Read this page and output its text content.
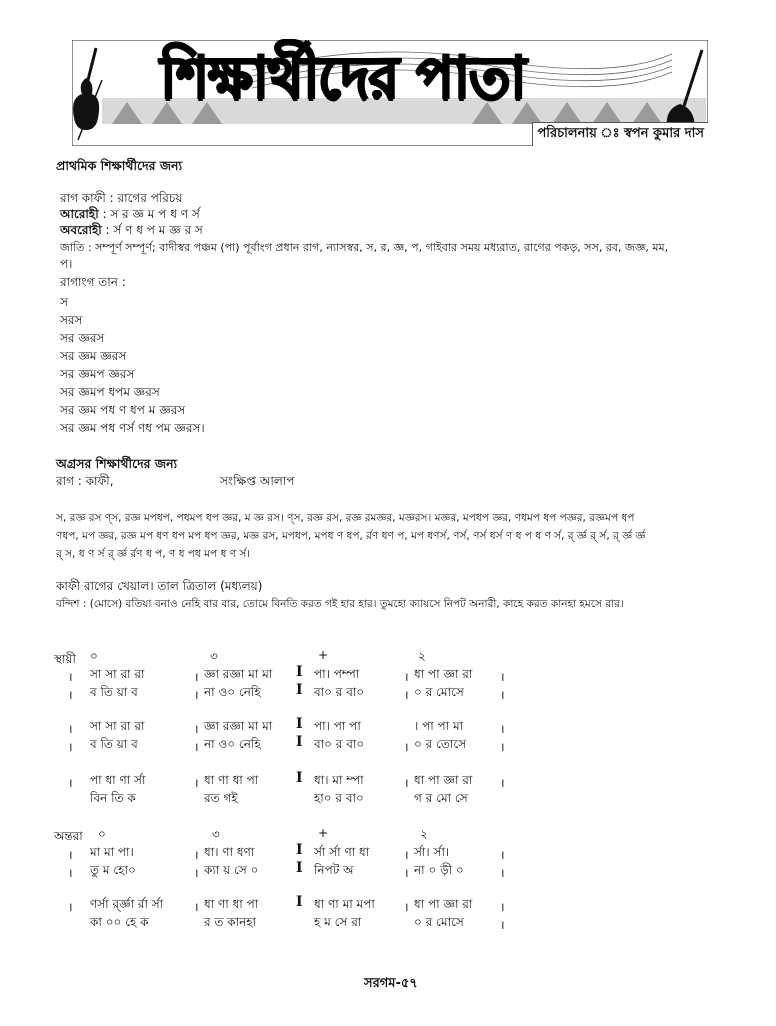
শিক্ষার্থীদের পাতা
পরিচালনায় ঃ স্বপন কুমার দাস
প্রাথমিক শিক্ষার্থীদের জন্য
রাগ কাফী : রাগের পরিচয়
আরোহী : স র জ্ঞ ম প ধ ণ র্স
অবরোহী : র্স ণ ধ প ম জ্ঞ র স
জাতি : সম্পূর্ণ সম্পূর্ণ; বাদীস্বর পঞ্চম (পা) পূর্বাংগ প্রধান রাগ, ন্যাসস্বর, স, র, জ্ঞ, প, গাইবার সময় মধ্যরাত, রাগের পকড়, সস, রব, জজ্ঞ, মম,
প।
রাগাংগ তান :
স
সরস
সর জ্ঞরস
সর জ্ঞম জ্ঞরস
সর জ্ঞমপ জ্ঞরস
সর জ্ঞমপ ধপম জ্ঞরস
সর জ্ঞম পধ ণ ধপ ম জ্ঞরস
সর জ্ঞম পধ ণর্স ণধ পম জ্ঞরস।
অগ্রসর শিক্ষার্থীদের জন্য
রাগ : কাফী,	সংক্ষিপ্ত আলাপ
স, রজ্ঞ রস ণ্স, রজ্ঞ মপধপ, পধমপ ধপ জ্ঞর, ম জ্ঞ রস। ণ্স, রজ্ঞ রস, রজ্ঞ রমজ্ঞর, মজ্ঞরস। মজ্ঞর, মপধপ জ্ঞর, ণধমপ ধপ পজ্ঞর, রজ্ঞমপ ধপ
ণধপ, মপ জ্ঞর, রজ্ঞ মপ ধণ ধপ মপ ধপ জ্ঞর, মজ্ঞ রস, মপধপ, মপধ ণ ধপ, র্রণ ধণ প, মপ ধণর্স, ণর্স, ণর্স ধর্স ণ ধ প ধ ণ র্স, র্ র্জ্ঞ র্ র্স, র্ র্জ্ঞ র্জ্ঞ
র্ স, ধ ণ র্স র্ র্জ্ঞ র্রণ ধ প, ণ ধ পধ মপ ধ ণ র্স।
কাফী রাগের খেয়াল। তাল ত্রিতাল (মধ্যলয়)
বন্দিশ : (মোসে) বতিয়া বনাও নেহি বার বার, তোমে বিনতি করত গই হার হার। তুমহো ক্যায়সে নিপট অনারী, কাহে করত কানহা হমসে রার।
স্থায়ী ০	৩	+	২
। সা সা রা রা	। জ্ঞা রজ্ঞা মা মা I পা। পম্পা	। ধা পা জ্ঞা রা ।
। ব তি য়া ব	। না ও০ নেহি	I বা০ র বা০	। ০ র মোসে	।
। সা সা রা রা	। জ্ঞা রজ্ঞা মা মা I পা। পা পা	। পা পা মা	।
। ব তি য়া ব	। না ও০ নেহি	I বা০ র বা০	। ০ র তোসে	।
। পা ধা ণা র্সা	। ধা ণা ধা পা	I ধা। মা ম্পা	। ধা পা জ্ঞা রা ।
বিন তি ক	রত গই	হা০ র বা০	গ র মো সে
অন্তরা ০	৩	+	২
। মা মা পা।	। ধা। ণা ধণা	I র্সা র্সা ণা ধা	। র্সা। র্সা।	।
। তু ম হো০	। ক্যা য় সে ০	I নিপট অ	। না ০ ড়ী ০	।
। ণর্সা র্র্জ্ঞা র্রা র্সা	। ধা ণা ধা পা	I ধা ণা মা মপা । ধা পা জ্ঞা রা ।
কা ০০ হে ক	র ত কানহা	হ ম সে রা	০ র মোসে	।
সরগম-৫৭
